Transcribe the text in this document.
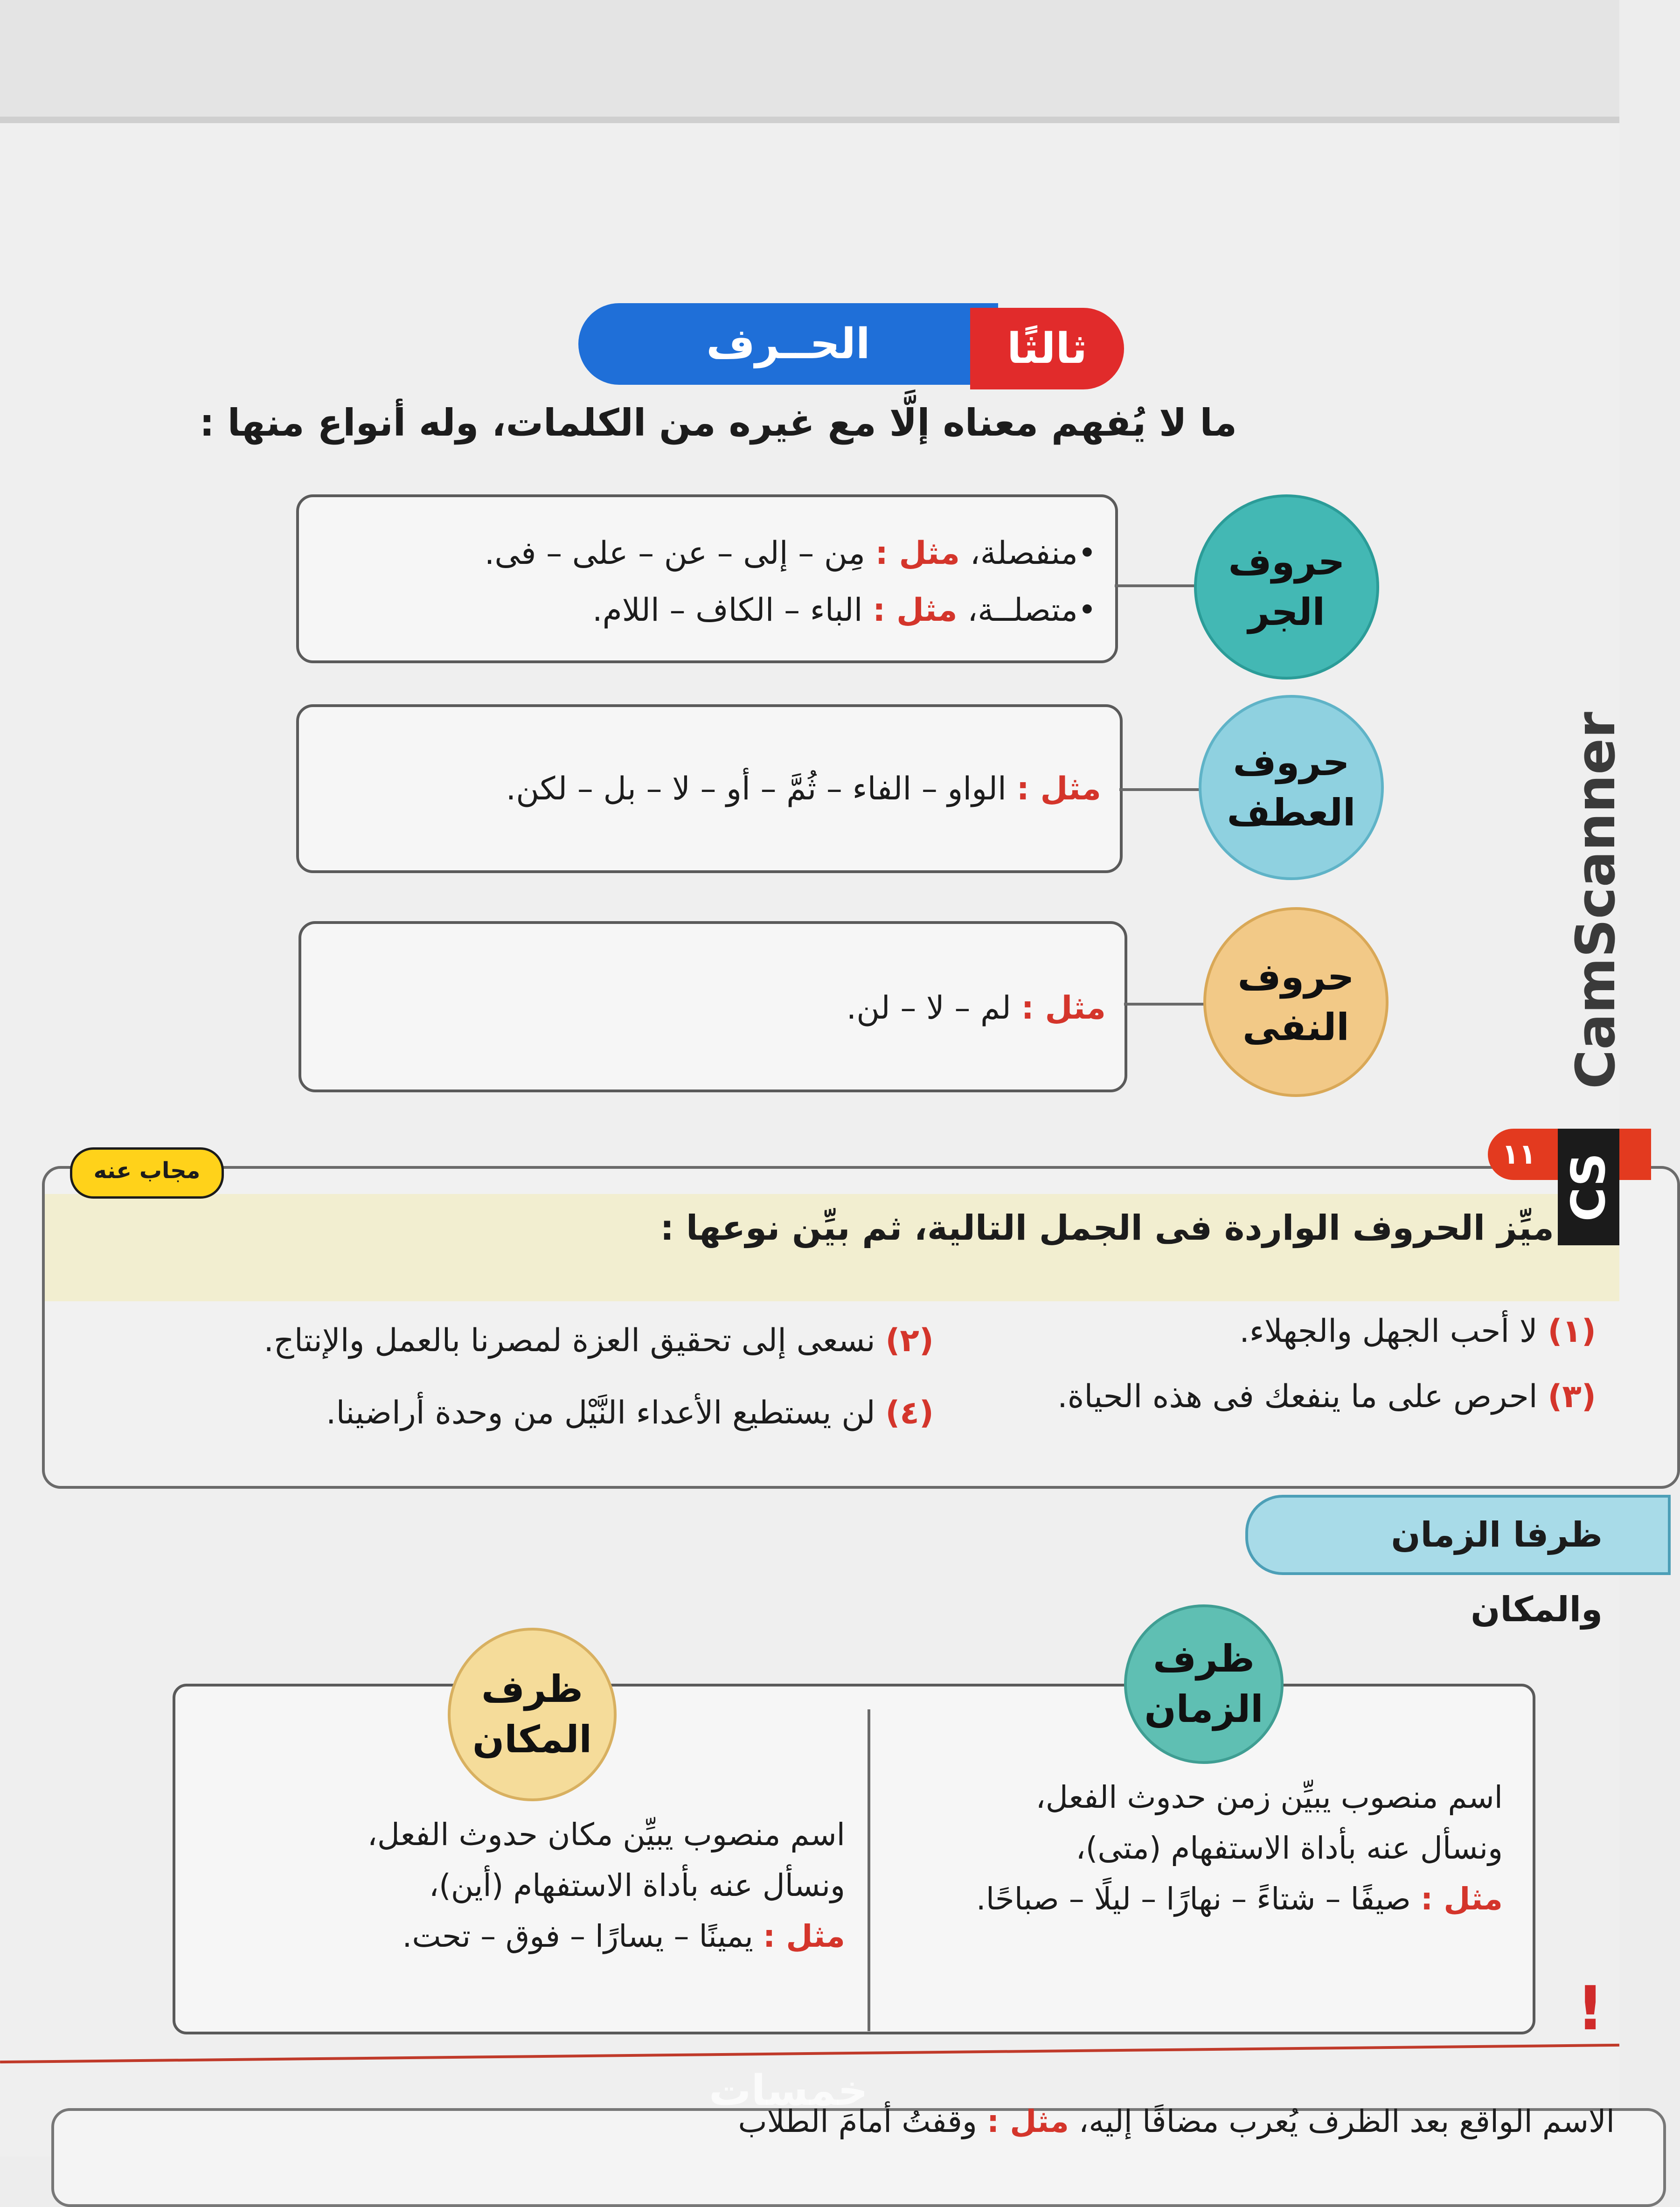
الحــرف	ثالثًا
ما لا يُفهم معناه إلَّا مع غيره من الكلمات، وله أنواع منها :
•منفصلة، مثل : مِن – إلى – عن – على – فى.
•متصلــة، مثل : الباء – الكاف – اللام.
حروف
الجر
مثل : الواو – الفاء – ثُمَّ – أو – لا – بل – لكن.
حروف
العطف
مثل : لم – لا – لن.
حروف
النفى
مجاب عنه	١١
ميِّز الحروف الواردة فى الجمل التالية، ثم بيِّن نوعها :
(١) لا أحب الجهل والجهلاء.
(٢) نسعى إلى تحقيق العزة لمصرنا بالعمل والإنتاج.
(٣) احرص على ما ينفعك فى هذه الحياة.
(٤) لن يستطيع الأعداء النَّيْل من وحدة أراضينا.
ظرفا الزمان والمكان
ظرف
الزمان
ظرف
المكان
اسم منصوب يبيِّن زمن حدوث الفعل،
ونسأل عنه بأداة الاستفهام (متى)،
مثل : صيفًا – شتاءً – نهارًا – ليلًا – صباحًا.
اسم منصوب يبيِّن مكان حدوث الفعل،
ونسأل عنه بأداة الاستفهام (أين)،
مثل : يمينًا – يسارًا – فوق – تحت.
!
الاسم الواقع بعد الظرف يُعرب مضافًا إليه، مثل : وقفتُ أمامَ الطلاب
خمسات
CamScanner
CS
